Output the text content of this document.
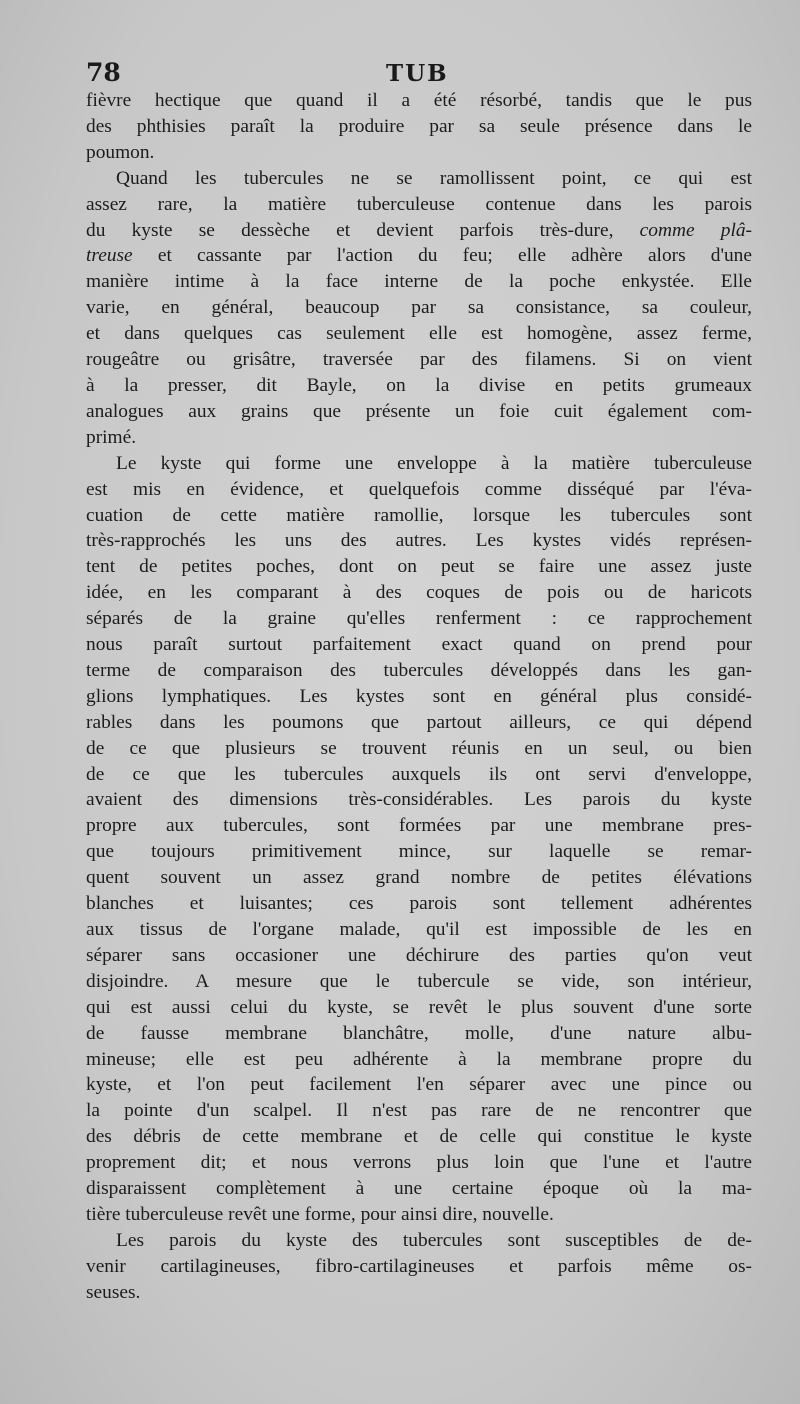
78	TUB

fièvre hectique que quand il a été résorbé, tandis que le pus
des phthisies paraît la produire par sa seule présence dans le
poumon.

Quand les tubercules ne se ramollissent point, ce qui est
assez rare, la matière tuberculeuse contenue dans les parois
du kyste se dessèche et devient parfois très-dure, comme plâ-
treuse et cassante par l'action du feu; elle adhère alors d'une
manière intime à la face interne de la poche enkystée. Elle
varie, en général, beaucoup par sa consistance, sa couleur,
et dans quelques cas seulement elle est homogène, assez ferme,
rougeâtre ou grisâtre, traversée par des filamens. Si on vient
à la presser, dit Bayle, on la divise en petits grumeaux
analogues aux grains que présente un foie cuit également com-
primé.

Le kyste qui forme une enveloppe à la matière tuberculeuse
est mis en évidence, et quelquefois comme disséqué par l'éva-
cuation de cette matière ramollie, lorsque les tubercules sont
très-rapprochés les uns des autres. Les kystes vidés représen-
tent de petites poches, dont on peut se faire une assez juste
idée, en les comparant à des coques de pois ou de haricots
séparés de la graine qu'elles renferment : ce rapprochement
nous paraît surtout parfaitement exact quand on prend pour
terme de comparaison des tubercules développés dans les gan-
glions lymphatiques. Les kystes sont en général plus considé-
rables dans les poumons que partout ailleurs, ce qui dépend
de ce que plusieurs se trouvent réunis en un seul, ou bien
de ce que les tubercules auxquels ils ont servi d'enveloppe,
avaient des dimensions très-considérables. Les parois du kyste
propre aux tubercules, sont formées par une membrane pres-
que toujours primitivement mince, sur laquelle se remar-
quent souvent un assez grand nombre de petites élévations
blanches et luisantes; ces parois sont tellement adhérentes
aux tissus de l'organe malade, qu'il est impossible de les en
séparer sans occasioner une déchirure des parties qu'on veut
disjoindre. A mesure que le tubercule se vide, son intérieur,
qui est aussi celui du kyste, se revêt le plus souvent d'une sorte
de fausse membrane blanchâtre, molle, d'une nature albu-
mineuse; elle est peu adhérente à la membrane propre du
kyste, et l'on peut facilement l'en séparer avec une pince ou
la pointe d'un scalpel. Il n'est pas rare de ne rencontrer que
des débris de cette membrane et de celle qui constitue le kyste
proprement dit; et nous verrons plus loin que l'une et l'autre
disparaissent complètement à une certaine époque où la ma-
tière tuberculeuse revêt une forme, pour ainsi dire, nouvelle.

Les parois du kyste des tubercules sont susceptibles de de-
venir cartilagineuses, fibro-cartilagineuses et parfois même os-
seuses.
